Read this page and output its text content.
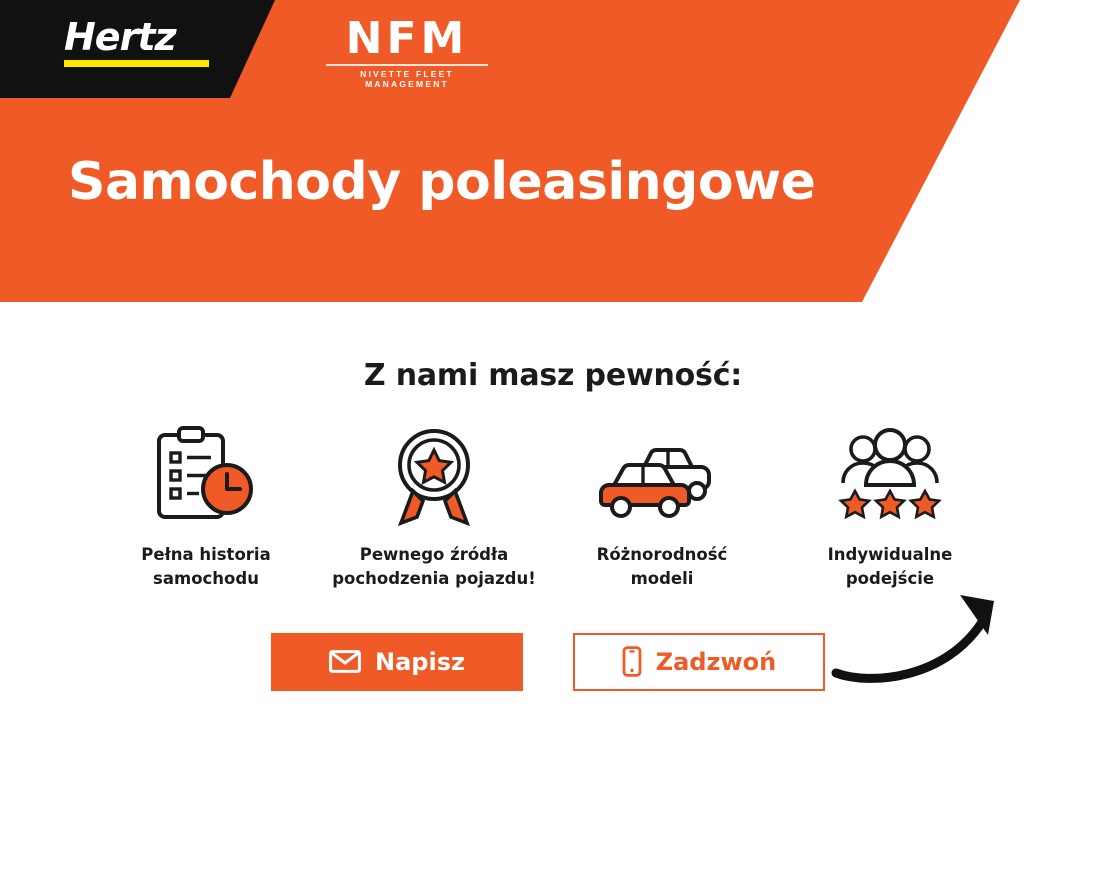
Hertz	NFM
NIVETTE FLEET MANAGEMENT
Samochody poleasingowe
Z nami masz pewność:
Pełna historia
samochodu
Pewnego źródła
pochodzenia pojazdu!
Różnorodność
modeli
Indywidualne
podejście
Napisz	Zadzwoń
